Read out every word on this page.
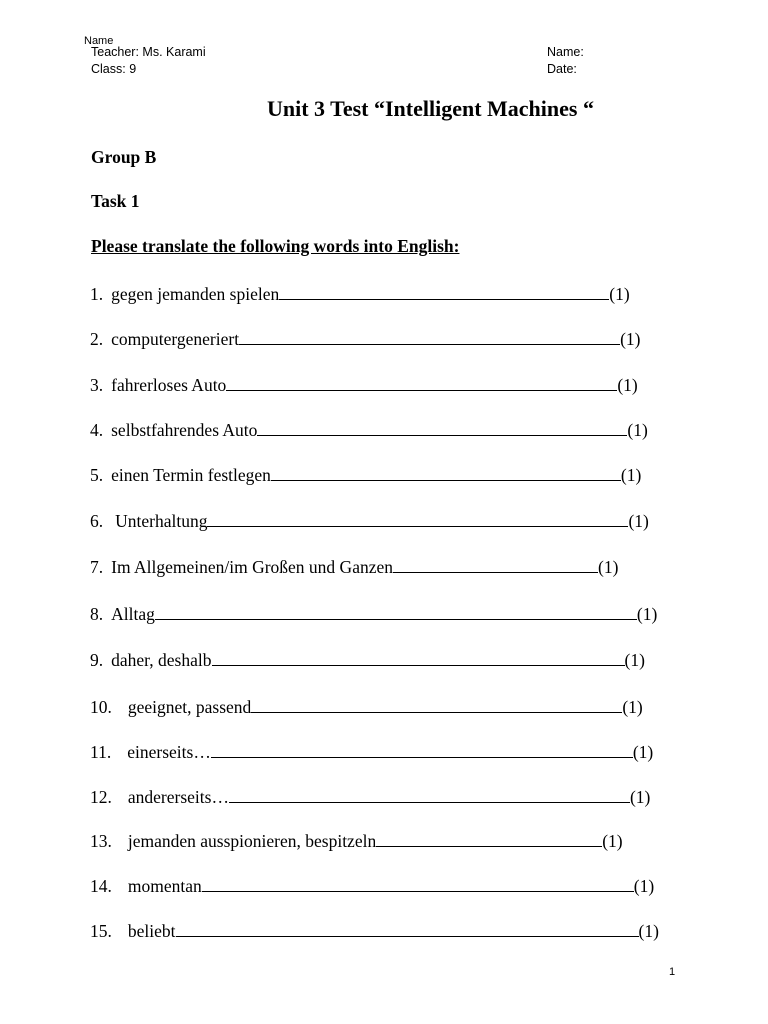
Name
Teacher: Ms. Karami
Class: 9
Name:
Date:
Unit 3 Test “Intelligent Machines “
Group B
Task 1
Please translate the following words into English:
1. gegen jemanden spielen	(1)
2. computergeneriert	(1)
3. fahrerloses Auto	(1)
4. selbstfahrendes Auto	(1)
5. einen Termin festlegen	(1)
6. Unterhaltung	(1)
7. Im Allgemeinen/im Großen und Ganzen	(1)
8. Alltag	(1)
9. daher, deshalb	(1)
10. geeignet, passend	(1)
11. einerseits…	(1)
12. andererseits…	(1)
13. jemanden ausspionieren, bespitzeln	(1)
14. momentan	(1)
15. beliebt	(1)
1
